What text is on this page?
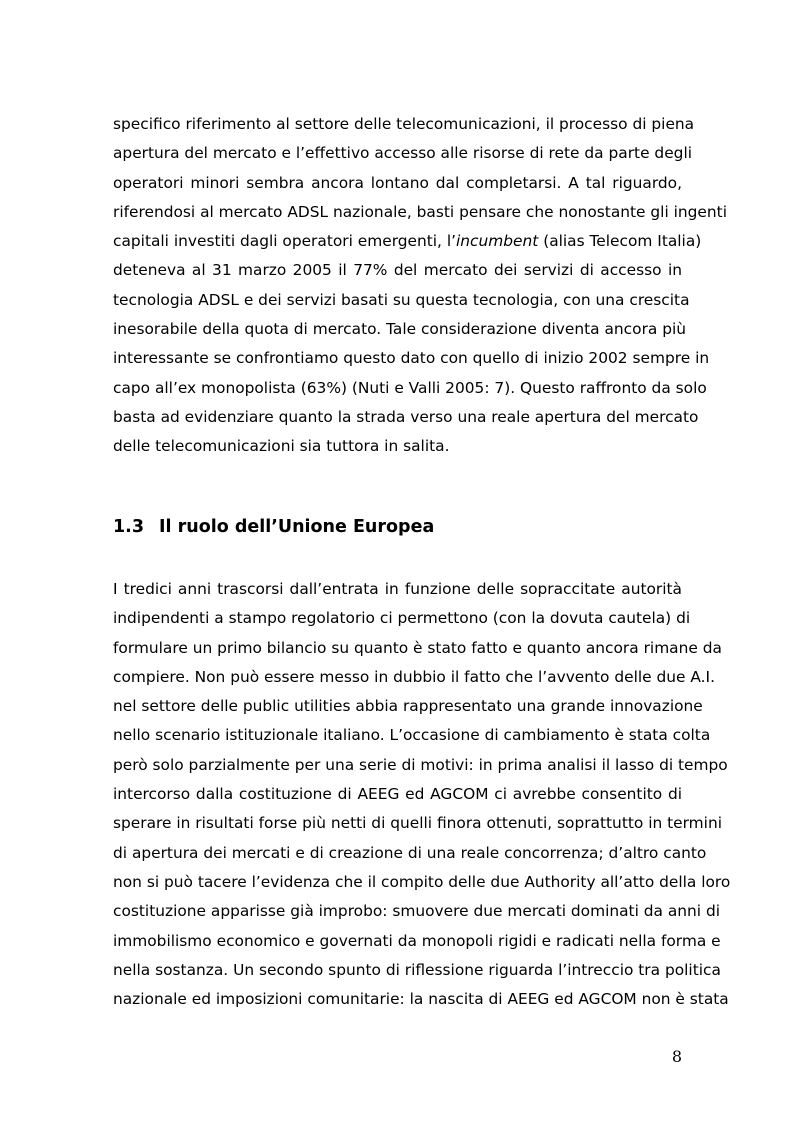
specifico riferimento al settore delle telecomunicazioni, il processo di piena
apertura del mercato e l’effettivo accesso alle risorse di rete da parte degli
operatori minori sembra ancora lontano dal completarsi. A tal riguardo,
riferendosi al mercato ADSL nazionale, basti pensare che nonostante gli ingenti
capitali investiti dagli operatori emergenti, l’incumbent (alias Telecom Italia)
deteneva al 31 marzo 2005 il 77% del mercato dei servizi di accesso in
tecnologia ADSL e dei servizi basati su questa tecnologia, con una crescita
inesorabile della quota di mercato. Tale considerazione diventa ancora più
interessante se confrontiamo questo dato con quello di inizio 2002 sempre in
capo all’ex monopolista (63%) (Nuti e Valli 2005: 7). Questo raffronto da solo
basta ad evidenziare quanto la strada verso una reale apertura del mercato
delle telecomunicazioni sia tuttora in salita.

1.3 Il ruolo dell’Unione Europea

I tredici anni trascorsi dall’entrata in funzione delle sopraccitate autorità
indipendenti a stampo regolatorio ci permettono (con la dovuta cautela) di
formulare un primo bilancio su quanto è stato fatto e quanto ancora rimane da
compiere. Non può essere messo in dubbio il fatto che l’avvento delle due A.I.
nel settore delle public utilities abbia rappresentato una grande innovazione
nello scenario istituzionale italiano. L’occasione di cambiamento è stata colta
però solo parzialmente per una serie di motivi: in prima analisi il lasso di tempo
intercorso dalla costituzione di AEEG ed AGCOM ci avrebbe consentito di
sperare in risultati forse più netti di quelli finora ottenuti, soprattutto in termini
di apertura dei mercati e di creazione di una reale concorrenza; d’altro canto
non si può tacere l’evidenza che il compito delle due Authority all’atto della loro
costituzione apparisse già improbo: smuovere due mercati dominati da anni di
immobilismo economico e governati da monopoli rigidi e radicati nella forma e
nella sostanza. Un secondo spunto di riflessione riguarda l’intreccio tra politica
nazionale ed imposizioni comunitarie: la nascita di AEEG ed AGCOM non è stata

8
